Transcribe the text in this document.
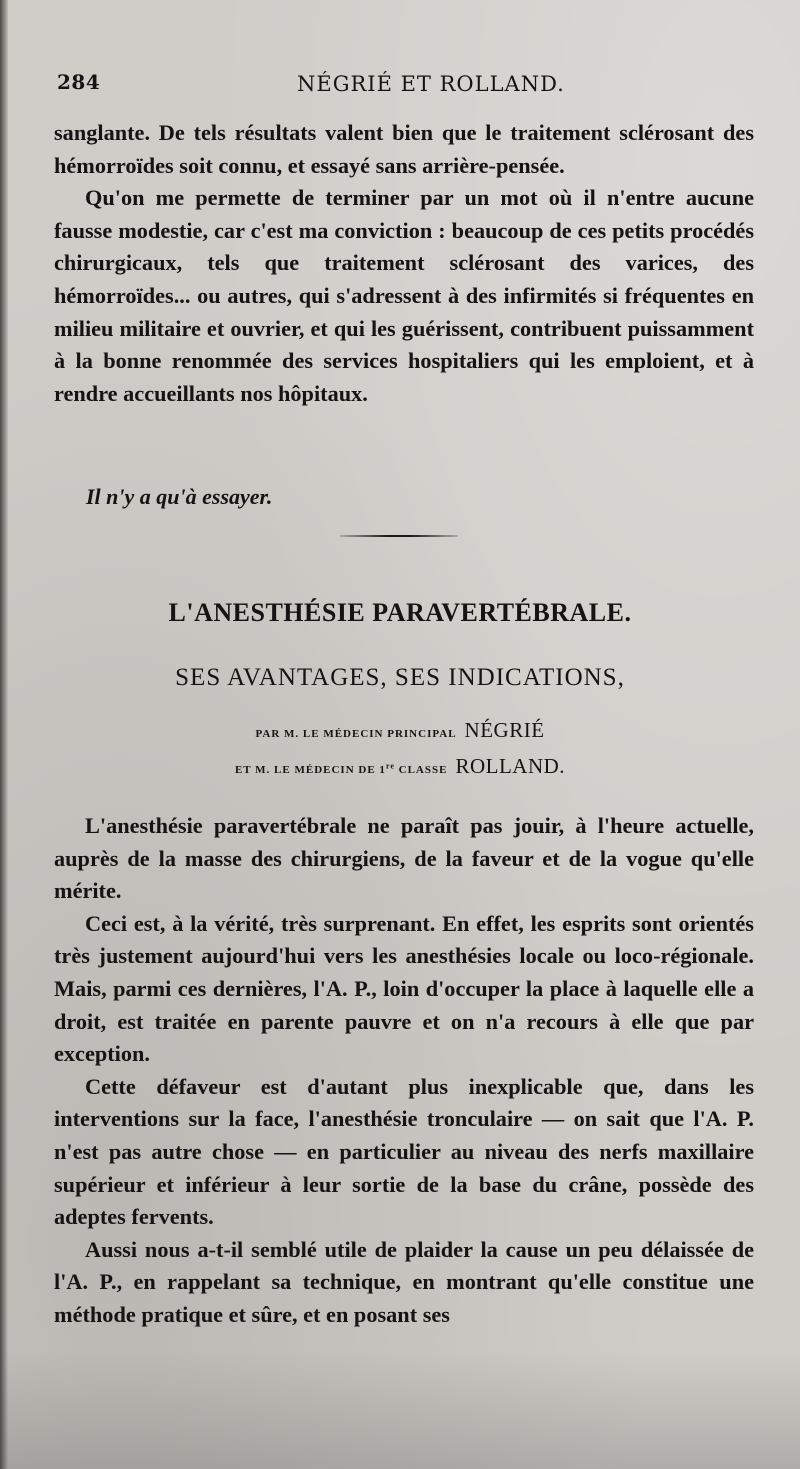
284	NÉGRIÉ ET ROLLAND.

sanglante. De tels résultats valent bien que le traitement sclérosant des hémorroïdes soit connu, et essayé sans arrière-pensée.

Qu'on me permette de terminer par un mot où il n'entre aucune fausse modestie, car c'est ma conviction : beaucoup de ces petits procédés chirurgicaux, tels que traitement sclérosant des varices, des hémorroïdes... ou autres, qui s'adressent à des infirmités si fréquentes en milieu militaire et ouvrier, et qui les guérissent, contribuent puissamment à la bonne renommée des services hospitaliers qui les emploient, et à rendre accueillants nos hôpitaux.

Il n'y a qu'à essayer.
L'ANESTHÉSIE PARAVERTÉBRALE.
SES AVANTAGES, SES INDICATIONS,
PAR M. LE MÉDECIN PRINCIPAL NÉGRIÉ
ET M. LE MÉDECIN DE 1re CLASSE ROLLAND.

L'anesthésie paravertébrale ne paraît pas jouir, à l'heure actuelle, auprès de la masse des chirurgiens, de la faveur et de la vogue qu'elle mérite.

Ceci est, à la vérité, très surprenant. En effet, les esprits sont orientés très justement aujourd'hui vers les anesthésies locale ou loco-régionale. Mais, parmi ces dernières, l'A. P., loin d'occuper la place à laquelle elle a droit, est traitée en parente pauvre et on n'a recours à elle que par exception.

Cette défaveur est d'autant plus inexplicable que, dans les interventions sur la face, l'anesthésie tronculaire — on sait que l'A. P. n'est pas autre chose — en particulier au niveau des nerfs maxillaire supérieur et inférieur à leur sortie de la base du crâne, possède des adeptes fervents.

Aussi nous a-t-il semblé utile de plaider la cause un peu délaissée de l'A. P., en rappelant sa technique, en montrant qu'elle constitue une méthode pratique et sûre, et en posant ses
